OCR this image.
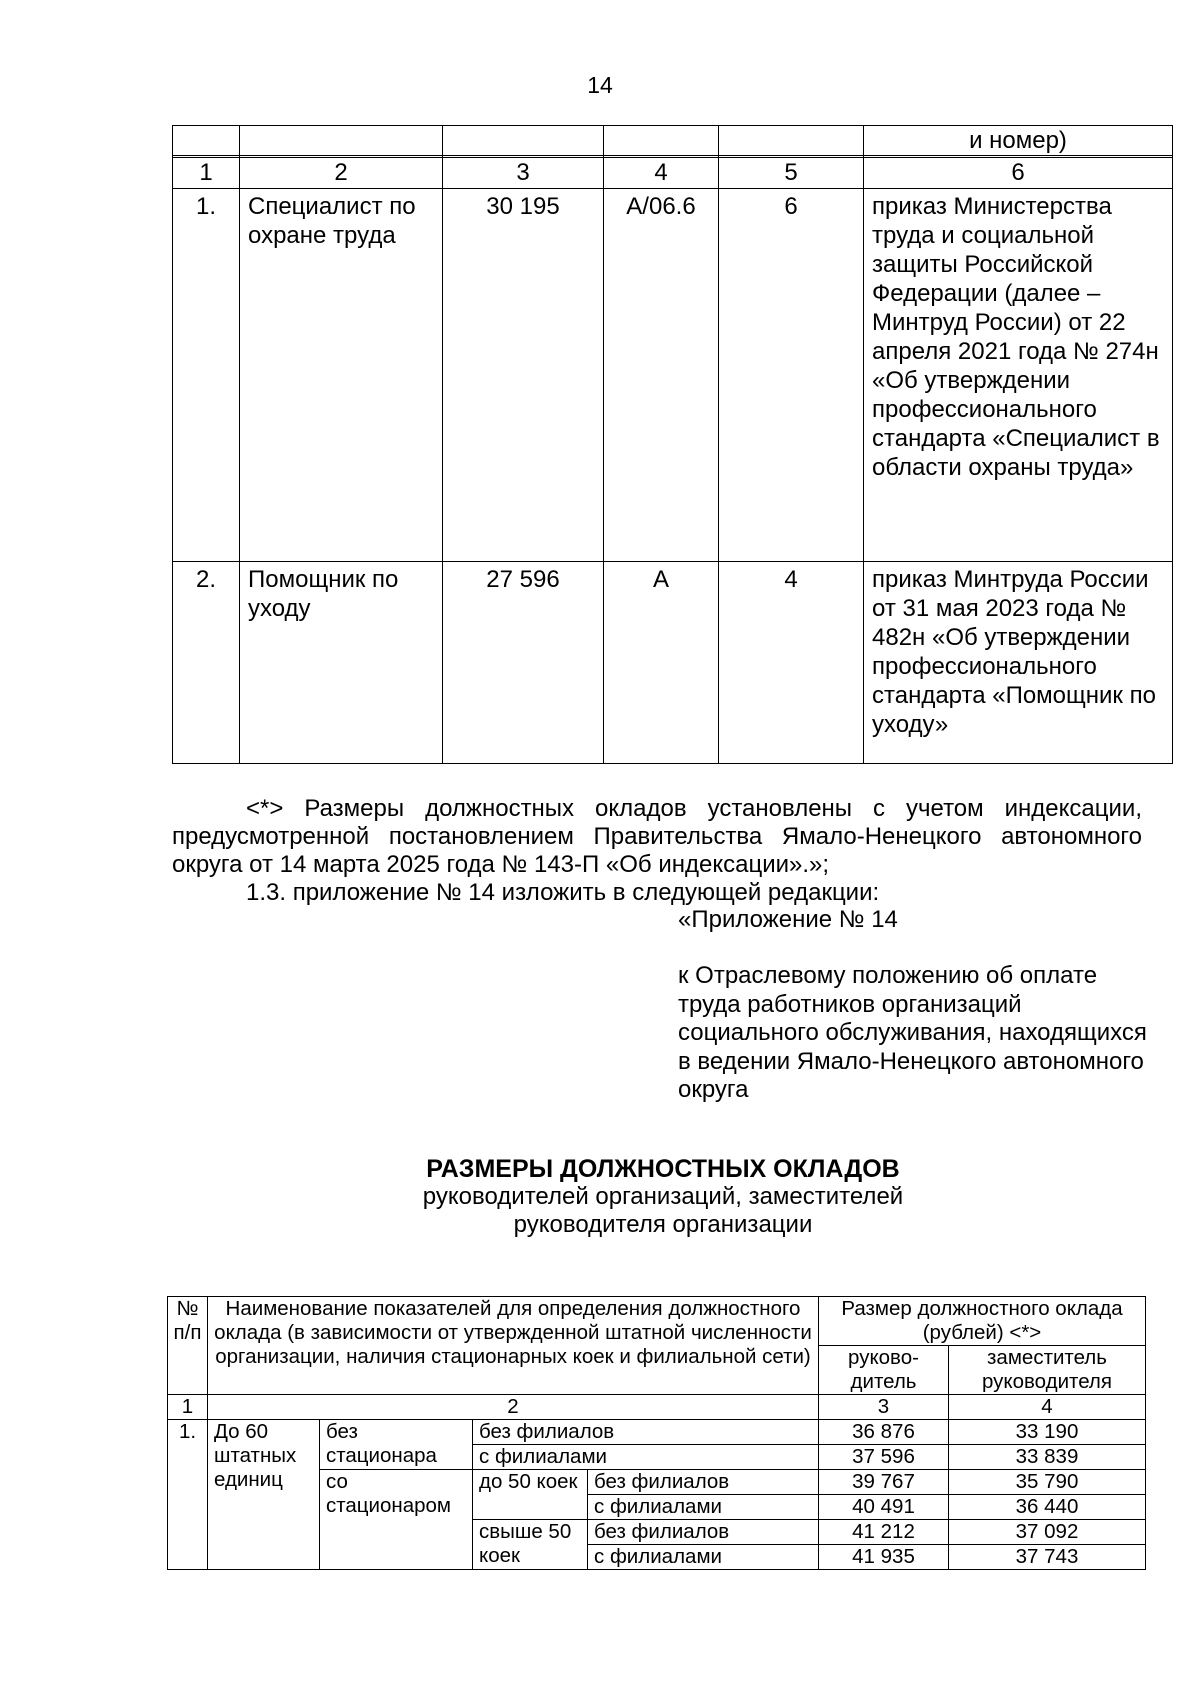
14
					и номер)

1	2	3	4	5	6
1.	Специалист по охране труда	30 195	А/06.6	6	приказ Министерства труда и социальной защиты Российской Федерации (далее – Минтруд России) от 22 апреля 2021 года № 274н «Об утверждении профессионального стандарта «Специалист в области охраны труда»
2.	Помощник по уходу	27 596	А	4	приказ Минтруда России от 31 мая 2023 года № 482н «Об утверждении профессионального стандарта «Помощник по уходу»

<*> Размеры должностных окладов установлены с учетом индексации, предусмотренной постановлением Правительства Ямало-Ненецкого автономного округа от 14 марта 2025 года № 143-П «Об индексации».»;

1.3. приложение № 14 изложить в следующей редакции:
«Приложение № 14
к Отраслевому положению об оплате труда работников организаций социального обслуживания, находящихся в ведении Ямало-Ненецкого автономного округа
РАЗМЕРЫ ДОЛЖНОСТНЫХ ОКЛАДОВ
руководителей организаций, заместителей
руководителя организации
№ п/п	Наименование показателей для определения должностного оклада (в зависимости от утвержденной штатной численности организации, наличия стационарных коек и филиальной сети)				Размер должностного оклада (рублей) <*>	
					руково-дитель	заместитель руководителя
1	2				3	4
1.	До 60 штатных единиц	без стационара	без филиалов		36 876	33 190
			с филиалами		37 596	33 839
		со стационаром	до 50 коек	без филиалов	39 767	35 790
				с филиалами	40 491	36 440
			свыше 50 коек	без филиалов	41 212	37 092
				с филиалами	41 935	37 743
